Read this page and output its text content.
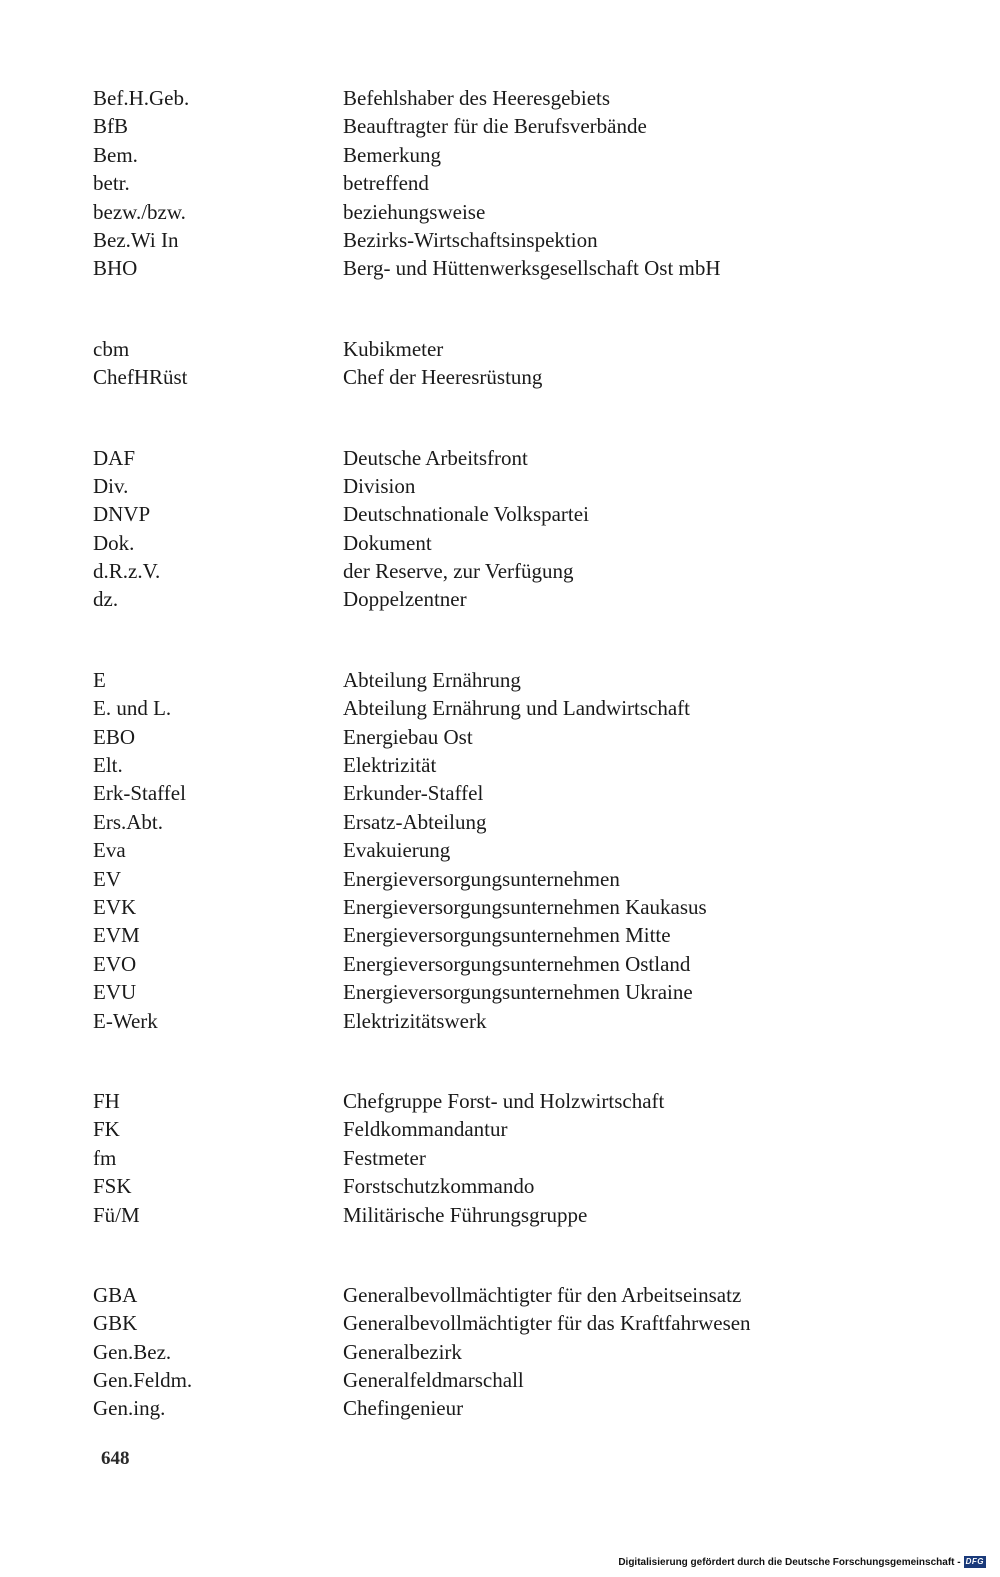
Bef.H.Geb.	Befehlshaber des Heeresgebiets
BfB	Beauftragter für die Berufsverbände
Bem.	Bemerkung
betr.	betreffend
bezw./bzw.	beziehungsweise
Bez.Wi In	Bezirks-Wirtschaftsinspektion
BHO	Berg- und Hüttenwerksgesellschaft Ost mbH
cbm	Kubikmeter
ChefHRüst	Chef der Heeresrüstung
DAF	Deutsche Arbeitsfront
Div.	Division
DNVP	Deutschnationale Volkspartei
Dok.	Dokument
d.R.z.V.	der Reserve, zur Verfügung
dz.	Doppelzentner
E	Abteilung Ernährung
E. und L.	Abteilung Ernährung und Landwirtschaft
EBO	Energiebau Ost
Elt.	Elektrizität
Erk-Staffel	Erkunder-Staffel
Ers.Abt.	Ersatz-Abteilung
Eva	Evakuierung
EV	Energieversorgungsunternehmen
EVK	Energieversorgungsunternehmen Kaukasus
EVM	Energieversorgungsunternehmen Mitte
EVO	Energieversorgungsunternehmen Ostland
EVU	Energieversorgungsunternehmen Ukraine
E-Werk	Elektrizitätswerk
FH	Chefgruppe Forst- und Holzwirtschaft
FK	Feldkommandantur
fm	Festmeter
FSK	Forstschutzkommando
Fü/M	Militärische Führungsgruppe
GBA	Generalbevollmächtigter für den Arbeitseinsatz
GBK	Generalbevollmächtigter für das Kraftfahrwesen
Gen.Bez.	Generalbezirk
Gen.Feldm.	Generalfeldmarschall
Gen.ing.	Chefingenieur
648
Digitalisierung gefördert durch die Deutsche Forschungsgemeinschaft - DFG
